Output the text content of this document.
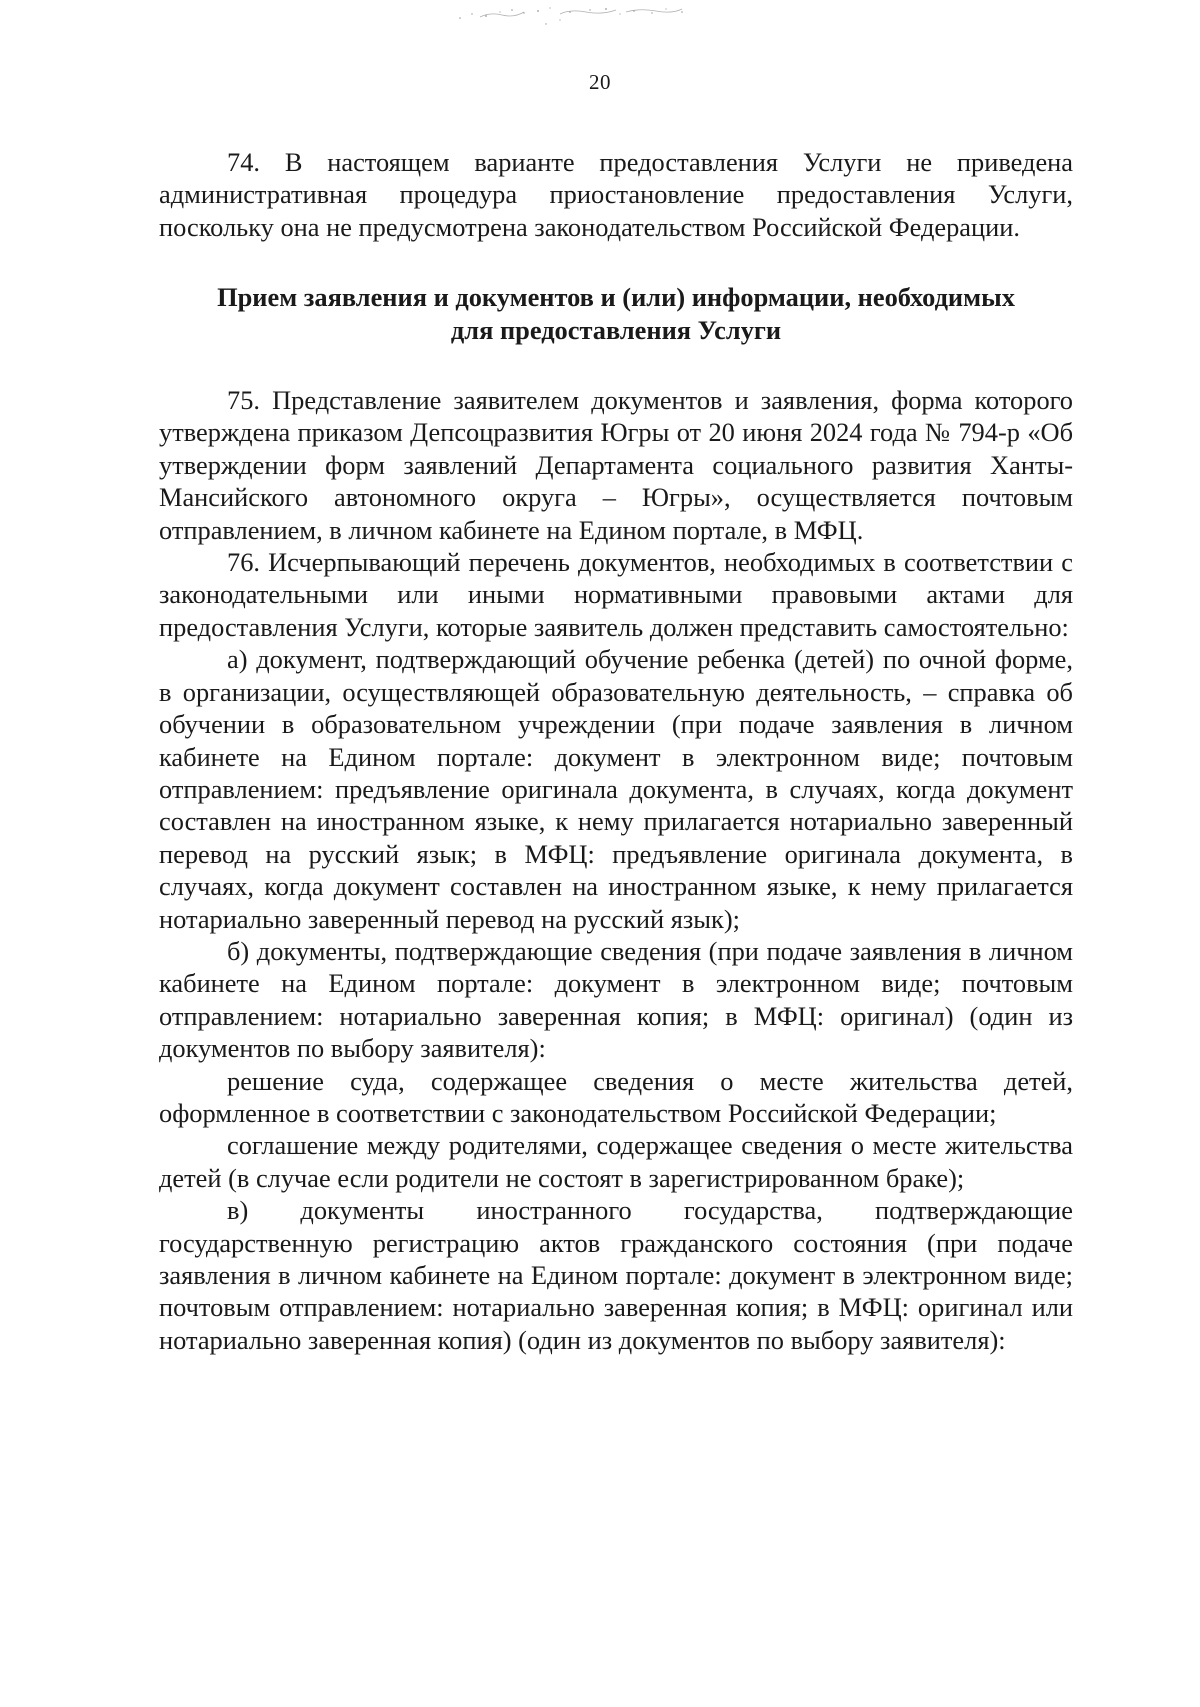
20

74. В настоящем варианте предоставления Услуги не приведена административная процедура приостановление предоставления Услуги, поскольку она не предусмотрена законодательством Российской Федерации.

Прием заявления и документов и (или) информации, необходимых
для предоставления Услуги

75. Представление заявителем документов и заявления, форма которого утверждена приказом Депсоцразвития Югры от 20 июня 2024 года № 794-р «Об утверждении форм заявлений Департамента социального развития Ханты-Мансийского автономного округа – Югры», осуществляется почтовым отправлением, в личном кабинете на Едином портале, в МФЦ.

76. Исчерпывающий перечень документов, необходимых в соответствии с законодательными или иными нормативными правовыми актами для предоставления Услуги, которые заявитель должен представить самостоятельно:

а) документ, подтверждающий обучение ребенка (детей) по очной форме, в организации, осуществляющей образовательную деятельность, – справка об обучении в образовательном учреждении (при подаче заявления в личном кабинете на Едином портале: документ в электронном виде; почтовым отправлением: предъявление оригинала документа, в случаях, когда документ составлен на иностранном языке, к нему прилагается нотариально заверенный перевод на русский язык; в МФЦ: предъявление оригинала документа, в случаях, когда документ составлен на иностранном языке, к нему прилагается нотариально заверенный перевод на русский язык);

б) документы, подтверждающие сведения (при подаче заявления в личном кабинете на Едином портале: документ в электронном виде; почтовым отправлением: нотариально заверенная копия; в МФЦ: оригинал) (один из документов по выбору заявителя):

решение суда, содержащее сведения о месте жительства детей, оформленное в соответствии с законодательством Российской Федерации;

соглашение между родителями, содержащее сведения о месте жительства детей (в случае если родители не состоят в зарегистрированном браке);

в) документы иностранного государства, подтверждающие государственную регистрацию актов гражданского состояния (при подаче заявления в личном кабинете на Едином портале: документ в электронном виде; почтовым отправлением: нотариально заверенная копия; в МФЦ: оригинал или нотариально заверенная копия) (один из документов по выбору заявителя):
